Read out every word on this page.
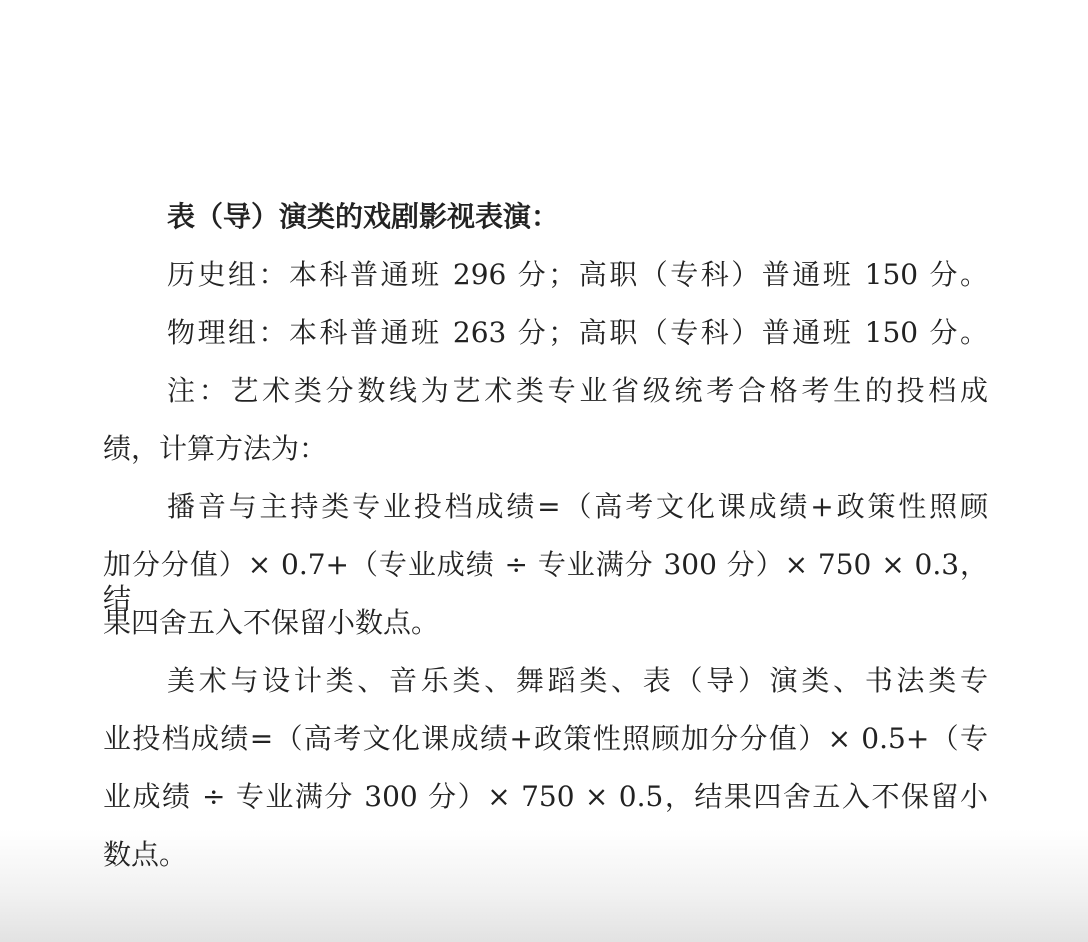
表（导）演类的戏剧影视表演：
历史组：本科普通班 296 分；高职（专科）普通班 150 分。
物理组：本科普通班 263 分；高职（专科）普通班 150 分。
注：艺术类分数线为艺术类专业省级统考合格考生的投档成
绩，计算方法为：
播音与主持类专业投档成绩=（高考文化课成绩+政策性照顾
加分分值）× 0.7+（专业成绩 ÷ 专业满分 300 分）× 750 × 0.3，结
果四舍五入不保留小数点。
美术与设计类、音乐类、舞蹈类、表（导）演类、书法类专
业投档成绩=（高考文化课成绩+政策性照顾加分分值）× 0.5+（专
业成绩 ÷ 专业满分 300 分）× 750 × 0.5，结果四舍五入不保留小
数点。
